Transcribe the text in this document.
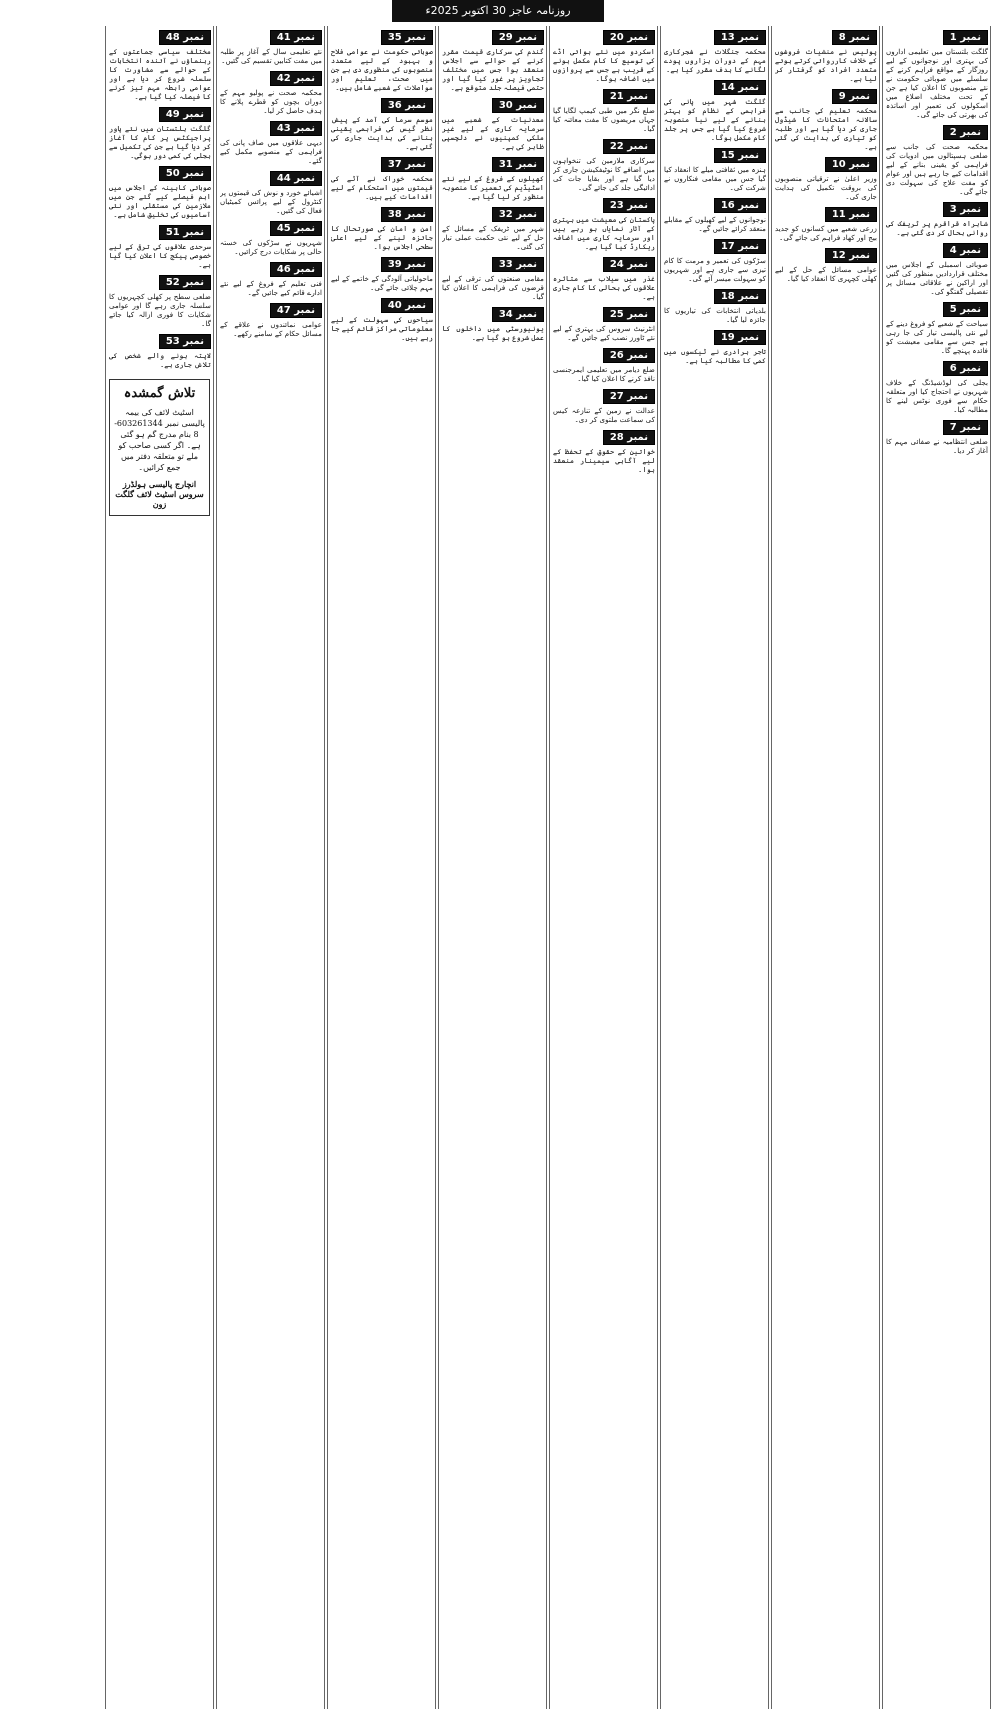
روزنامہ عاجز 30 اکتوبر 2025ء
نمبر 1
گلگت بلتستان میں تعلیمی اداروں کی بہتری اور نوجوانوں کے لیے روزگار کے مواقع فراہم کرنے کے سلسلے میں صوبائی حکومت نے نئے منصوبوں کا اعلان کیا ہے جن کے تحت مختلف اضلاع میں اسکولوں کی تعمیر اور اساتذہ کی بھرتی کی جائے گی۔
نمبر 2
محکمہ صحت کی جانب سے ضلعی ہسپتالوں میں ادویات کی فراہمی کو یقینی بنانے کے لیے اقدامات کیے جا رہے ہیں اور عوام کو مفت علاج کی سہولت دی جائے گی۔
نمبر 3
شاہراہ قراقرم پر ٹریفک کی روانی بحال کر دی گئی ہے۔
نمبر 4
صوبائی اسمبلی کے اجلاس میں مختلف قراردادیں منظور کی گئیں اور اراکین نے علاقائی مسائل پر تفصیلی گفتگو کی۔
نمبر 5
سیاحت کے شعبے کو فروغ دینے کے لیے نئی پالیسی تیار کی جا رہی ہے جس سے مقامی معیشت کو فائدہ پہنچے گا۔
نمبر 6
بجلی کی لوڈشیڈنگ کے خلاف شہریوں نے احتجاج کیا اور متعلقہ حکام سے فوری نوٹس لینے کا مطالبہ کیا۔
نمبر 7
ضلعی انتظامیہ نے صفائی مہم کا آغاز کر دیا۔
نمبر 8
پولیس نے منشیات فروشوں کے خلاف کارروائی کرتے ہوئے متعدد افراد کو گرفتار کر لیا ہے۔
نمبر 9
محکمہ تعلیم کی جانب سے سالانہ امتحانات کا شیڈول جاری کر دیا گیا ہے اور طلبہ کو تیاری کی ہدایت کی گئی ہے۔
نمبر 10
وزیر اعلیٰ نے ترقیاتی منصوبوں کی بروقت تکمیل کی ہدایت جاری کی۔
نمبر 11
زرعی شعبے میں کسانوں کو جدید بیج اور کھاد فراہم کی جائے گی۔
نمبر 12
عوامی مسائل کے حل کے لیے کھلی کچہری کا انعقاد کیا گیا۔
نمبر 13
محکمہ جنگلات نے شجرکاری مہم کے دوران ہزاروں پودے لگانے کا ہدف مقرر کیا ہے۔
نمبر 14
گلگت شہر میں پانی کی فراہمی کے نظام کو بہتر بنانے کے لیے نیا منصوبہ شروع کیا گیا ہے جس پر جلد کام مکمل ہوگا۔
نمبر 15
ہنزہ میں ثقافتی میلے کا انعقاد کیا گیا جس میں مقامی فنکاروں نے شرکت کی۔
نمبر 16
نوجوانوں کے لیے کھیلوں کے مقابلے منعقد کرائے جائیں گے۔
نمبر 17
سڑکوں کی تعمیر و مرمت کا کام تیزی سے جاری ہے اور شہریوں کو سہولت میسر آئے گی۔
نمبر 18
بلدیاتی انتخابات کی تیاریوں کا جائزہ لیا گیا۔
نمبر 19
تاجر برادری نے ٹیکسوں میں کمی کا مطالبہ کیا ہے۔
نمبر 20
اسکردو میں نئے ہوائی اڈے کی توسیع کا کام مکمل ہونے کے قریب ہے جس سے پروازوں میں اضافہ ہوگا۔
نمبر 21
ضلع نگر میں طبی کیمپ لگایا گیا جہاں مریضوں کا مفت معائنہ کیا گیا۔
نمبر 22
سرکاری ملازمین کی تنخواہوں میں اضافے کا نوٹیفکیشن جاری کر دیا گیا ہے اور بقایا جات کی ادائیگی جلد کی جائے گی۔
نمبر 23
پاکستان کی معیشت میں بہتری کے آثار نمایاں ہو رہے ہیں اور سرمایہ کاری میں اضافہ ریکارڈ کیا گیا ہے۔
نمبر 24
غذر میں سیلاب سے متاثرہ علاقوں کی بحالی کا کام جاری ہے۔
نمبر 25
انٹرنیٹ سروس کی بہتری کے لیے نئے ٹاورز نصب کیے جائیں گے۔
نمبر 26
ضلع دیامر میں تعلیمی ایمرجنسی نافذ کرنے کا اعلان کیا گیا۔
نمبر 27
عدالت نے زمین کے تنازعہ کیس کی سماعت ملتوی کر دی۔
نمبر 28
خواتین کے حقوق کے تحفظ کے لیے آگاہی سیمینار منعقد ہوا۔
نمبر 29
گندم کی سرکاری قیمت مقرر کرنے کے حوالے سے اجلاس منعقد ہوا جس میں مختلف تجاویز پر غور کیا گیا اور حتمی فیصلہ جلد متوقع ہے۔
نمبر 30
معدنیات کے شعبے میں سرمایہ کاری کے لیے غیر ملکی کمپنیوں نے دلچسپی ظاہر کی ہے۔
نمبر 31
کھیلوں کے فروغ کے لیے نئے اسٹیڈیم کی تعمیر کا منصوبہ منظور کر لیا گیا ہے۔
نمبر 32
شہر میں ٹریفک کے مسائل کے حل کے لیے نئی حکمت عملی تیار کی گئی۔
نمبر 33
مقامی صنعتوں کی ترقی کے لیے قرضوں کی فراہمی کا اعلان کیا گیا۔
نمبر 34
یونیورسٹی میں داخلوں کا عمل شروع ہو گیا ہے۔
نمبر 35
صوبائی حکومت نے عوامی فلاح و بہبود کے لیے متعدد منصوبوں کی منظوری دی ہے جن میں صحت، تعلیم اور مواصلات کے شعبے شامل ہیں۔
نمبر 36
موسم سرما کی آمد کے پیش نظر گیس کی فراہمی یقینی بنانے کی ہدایت جاری کی گئی ہے۔
نمبر 37
محکمہ خوراک نے آٹے کی قیمتوں میں استحکام کے لیے اقدامات کیے ہیں۔
نمبر 38
امن و امان کی صورتحال کا جائزہ لینے کے لیے اعلیٰ سطحی اجلاس ہوا۔
نمبر 39
ماحولیاتی آلودگی کے خاتمے کے لیے مہم چلائی جائے گی۔
نمبر 40
سیاحوں کی سہولت کے لیے معلوماتی مراکز قائم کیے جا رہے ہیں۔
نمبر 41
نئے تعلیمی سال کے آغاز پر طلبہ میں مفت کتابیں تقسیم کی گئیں۔
نمبر 42
محکمہ صحت نے پولیو مہم کے دوران بچوں کو قطرے پلانے کا ہدف حاصل کر لیا۔
نمبر 43
دیہی علاقوں میں صاف پانی کی فراہمی کے منصوبے مکمل کیے گئے۔
نمبر 44
اشیائے خورد و نوش کی قیمتوں پر کنٹرول کے لیے پرائس کمیٹیاں فعال کی گئیں۔
نمبر 45
شہریوں نے سڑکوں کی خستہ حالی پر شکایات درج کرائیں۔
نمبر 46
فنی تعلیم کے فروغ کے لیے نئے ادارے قائم کیے جائیں گے۔
نمبر 47
عوامی نمائندوں نے علاقے کے مسائل حکام کے سامنے رکھے۔
نمبر 48
مختلف سیاسی جماعتوں کے رہنماؤں نے آئندہ انتخابات کے حوالے سے مشاورت کا سلسلہ شروع کر دیا ہے اور عوامی رابطہ مہم تیز کرنے کا فیصلہ کیا گیا ہے۔
نمبر 49
گلگت بلتستان میں نئے پاور پراجیکٹس پر کام کا آغاز کر دیا گیا ہے جن کی تکمیل سے بجلی کی کمی دور ہوگی۔
نمبر 50
صوبائی کابینہ کے اجلاس میں اہم فیصلے کیے گئے جن میں ملازمین کی مستقلی اور نئی آسامیوں کی تخلیق شامل ہے۔
نمبر 51
سرحدی علاقوں کی ترقی کے لیے خصوصی پیکج کا اعلان کیا گیا ہے۔
نمبر 52
ضلعی سطح پر کھلی کچہریوں کا سلسلہ جاری رہے گا اور عوامی شکایات کا فوری ازالہ کیا جائے گا۔
نمبر 53
لاپتہ ہونے والے شخص کی تلاش جاری ہے۔
تلاش گمشدہ
اسٹیٹ لائف کی بیمہ پالیسی نمبر 603261344-8 بنام مدرج گم ہو گئی ہے۔ اگر کسی صاحب کو ملے تو متعلقہ دفتر میں جمع کرائیں۔
انچارج پالیسی ہولڈرز سروس اسٹیٹ لائف گلگت زون
